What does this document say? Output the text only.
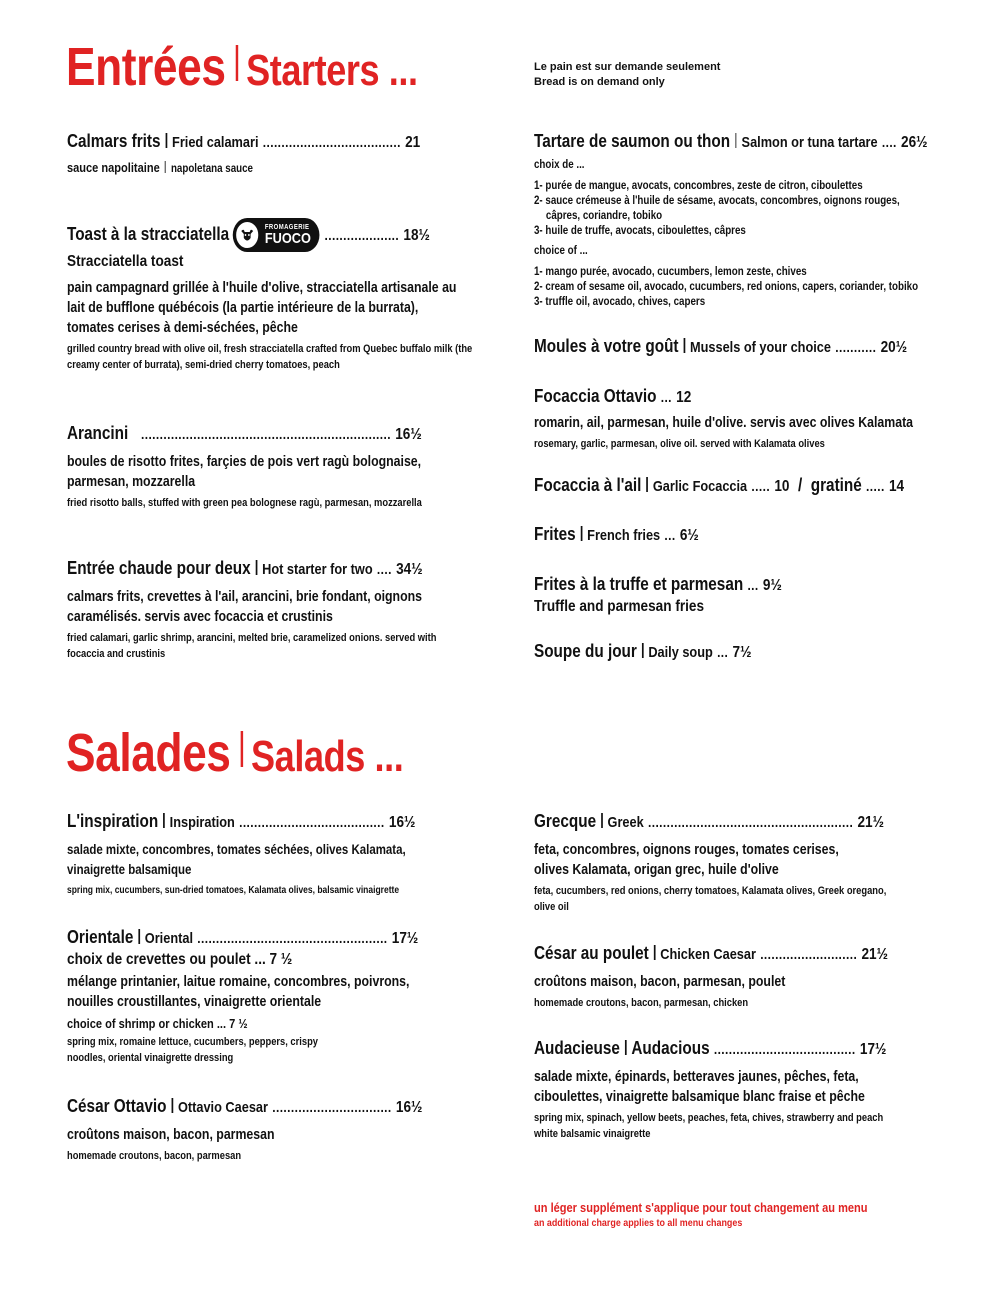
Entrées Starters ...	Le pain est sur demande seulement
Bread is on demand only
Calmars frits Fried calamari ..................................... 21
sauce napolitaine napoletana sauce
Toast à la stracciatella	FROMAGERIE
FUOCO .................... 18½
Stracciatella toast
pain campagnard grillée à l'huile d'olive, stracciatella artisanale au lait de bufflone québécois (la partie intérieure de la burrata), tomates cerises à demi-séchées, pêche
grilled country bread with olive oil, fresh stracciatella crafted from Quebec buffalo milk (the creamy center of burrata), semi-dried cherry tomatoes, peach
Arancini ................................................................... 16½
boules de risotto frites, farçies de pois vert ragù bolognaise, parmesan, mozzarella
fried risotto balls, stuffed with green pea bolognese ragù, parmesan, mozzarella
Entrée chaude pour deux Hot starter for two .... 34½
calmars frits, crevettes à l'ail, arancini, brie fondant, oignons caramélisés. servis avec focaccia et crustinis
fried calamari, garlic shrimp, arancini, melted brie, caramelized onions. served with focaccia and crustinis
Tartare de saumon ou thon Salmon or tuna tartare .... 26½
choix de ...
1- purée de mangue, avocats, concombres, zeste de citron, ciboulettes
2- sauce crémeuse à l'huile de sésame, avocats, concombres, oignons rouges,
câpres, coriandre, tobiko
3- huile de truffe, avocats, ciboulettes, câpres
choice of ...
1- mango purée, avocado, cucumbers, lemon zeste, chives
2- cream of sesame oil, avocado, cucumbers, red onions, capers, coriander, tobiko
3- truffle oil, avocado, chives, capers
Moules à votre goût Mussels of your choice ........... 20½
Focaccia Ottavio ... 12
romarin, ail, parmesan, huile d'olive. servis avec olives Kalamata
rosemary, garlic, parmesan, olive oil. served with Kalamata olives
Focaccia à l'ail Garlic Focaccia ..... 10 / gratiné ..... 14
Frites French fries ... 6½
Frites à la truffe et parmesan ... 9½
Truffle and parmesan fries
Soupe du jour Daily soup ... 7½
Salades Salads ...
L'inspiration Inspiration ....................................... 16½
salade mixte, concombres, tomates séchées, olives Kalamata, vinaigrette balsamique
spring mix, cucumbers, sun-dried tomatoes, Kalamata olives, balsamic vinaigrette
Orientale Oriental ................................................... 17½
choix de crevettes ou poulet ... 7 ½
mélange printanier, laitue romaine, concombres, poivrons, nouilles croustillantes, vinaigrette orientale
choice of shrimp or chicken ... 7 ½
spring mix, romaine lettuce, cucumbers, peppers, crispy noodles, oriental vinaigrette dressing
César Ottavio Ottavio Caesar ................................ 16½
croûtons maison, bacon, parmesan
homemade croutons, bacon, parmesan
Grecque Greek ....................................................... 21½
feta, concombres, oignons rouges, tomates cerises, olives Kalamata, origan grec, huile d'olive
feta, cucumbers, red onions, cherry tomatoes, Kalamata olives, Greek oregano, olive oil
César au poulet Chicken Caesar .......................... 21½
croûtons maison, bacon, parmesan, poulet
homemade croutons, bacon, parmesan, chicken
Audacieuse Audacious ...................................... 17½
salade mixte, épinards, betteraves jaunes, pêches, feta, ciboulettes, vinaigrette balsamique blanc fraise et pêche
spring mix, spinach, yellow beets, peaches, feta, chives, strawberry and peach white balsamic vinaigrette
un léger supplément s'applique pour tout changement au menu
an additional charge applies to all menu changes
